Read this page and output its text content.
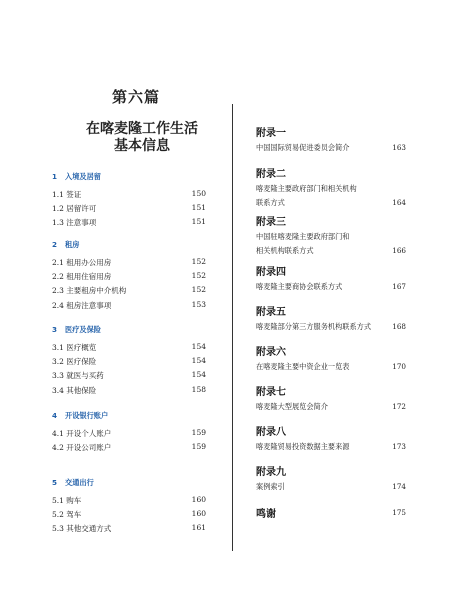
第六篇
在喀麦隆工作生活
基本信息
1 入境及居留
1.1 签证	150
1.2 居留许可	151
1.3 注意事项	151
2 租房
2.1 租用办公用房	152
2.2 租用住宿用房	152
2.3 主要租房中介机构	152
2.4 租房注意事项	153
3 医疗及保险
3.1 医疗概览	154
3.2 医疗保险	154
3.3 就医与买药	154
3.4 其他保险	158
4 开设银行账户
4.1 开设个人账户	159
4.2 开设公司账户	159
5 交通出行
5.1 购车	160
5.2 驾车	160
5.3 其他交通方式	161
附录一
中国国际贸易促进委员会简介	163
附录二
喀麦隆主要政府部门和相关机构
联系方式	164
附录三
中国驻喀麦隆主要政府部门和
相关机构联系方式	166
附录四
喀麦隆主要商协会联系方式	167
附录五
喀麦隆部分第三方服务机构联系方式	168
附录六
在喀麦隆主要中资企业一览表	170
附录七
喀麦隆大型展览会简介	172
附录八
喀麦隆贸易投资数据主要来源	173
附录九
案例索引	174
鸣谢	175
